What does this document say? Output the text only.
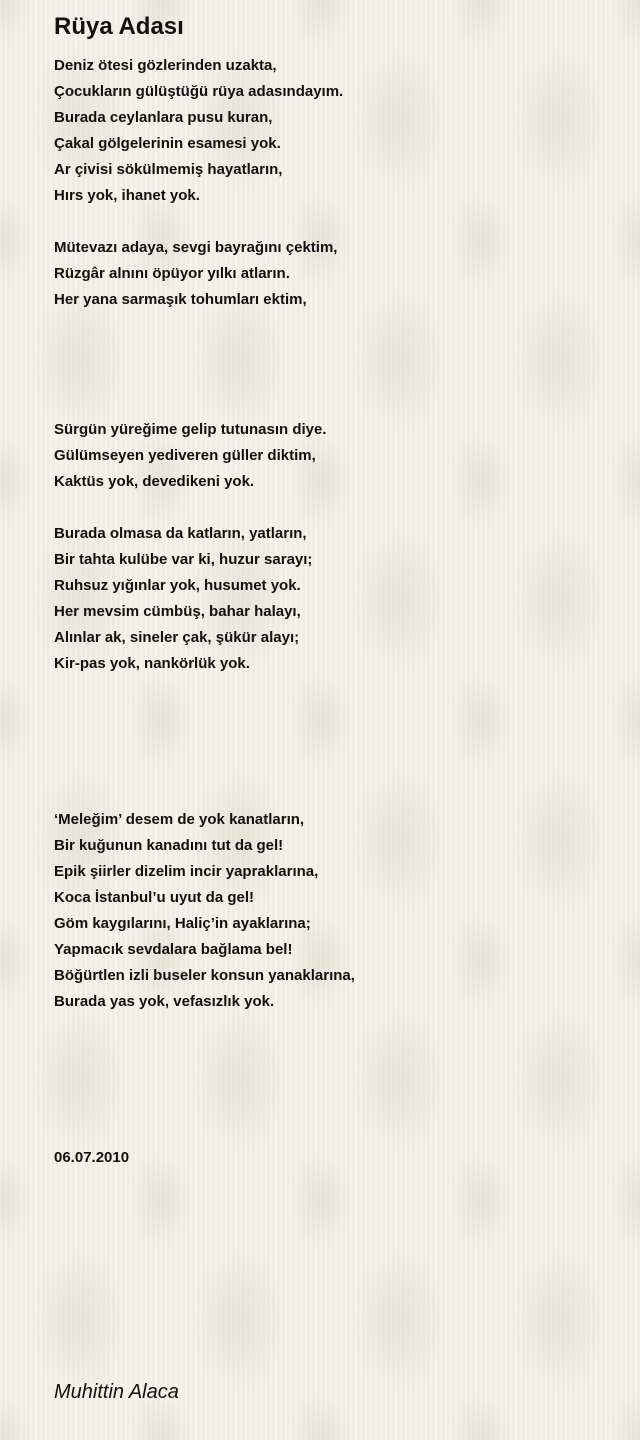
Rüya Adası
Deniz ötesi gözlerinden uzakta,
Çocukların gülüştüğü rüya adasındayım.
Burada ceylanlara pusu kuran,
Çakal gölgelerinin esamesi yok.
Ar çivisi sökülmemiş hayatların,
Hırs yok, ihanet yok.
Mütevazı adaya, sevgi bayrağını çektim,
Rüzgâr alnını öpüyor yılkı atların.
Her yana sarmaşık tohumları ektim,
Sürgün yüreğime gelip tutunasın diye.
Gülümseyen yediveren güller diktim,
Kaktüs yok, devedikeni yok.
Burada olmasa da katların, yatların,
Bir tahta kulübe var ki, huzur sarayı;
Ruhsuz yığınlar yok, husumet yok.
Her mevsim cümbüş, bahar halayı,
Alınlar ak, sineler çak, şükür alayı;
Kir-pas yok, nankörlük yok.
‘Meleğim’ desem de yok kanatların,
Bir kuğunun kanadını tut da gel!
Epik şiirler dizelim incir yapraklarına,
Koca İstanbul’u uyut da gel!
Göm kaygılarını, Haliç’in ayaklarına;
Yapmacık sevdalara bağlama bel!
Böğürtlen izli buseler konsun yanaklarına,
Burada yas yok, vefasızlık yok.
06.07.2010
Muhittin Alaca
